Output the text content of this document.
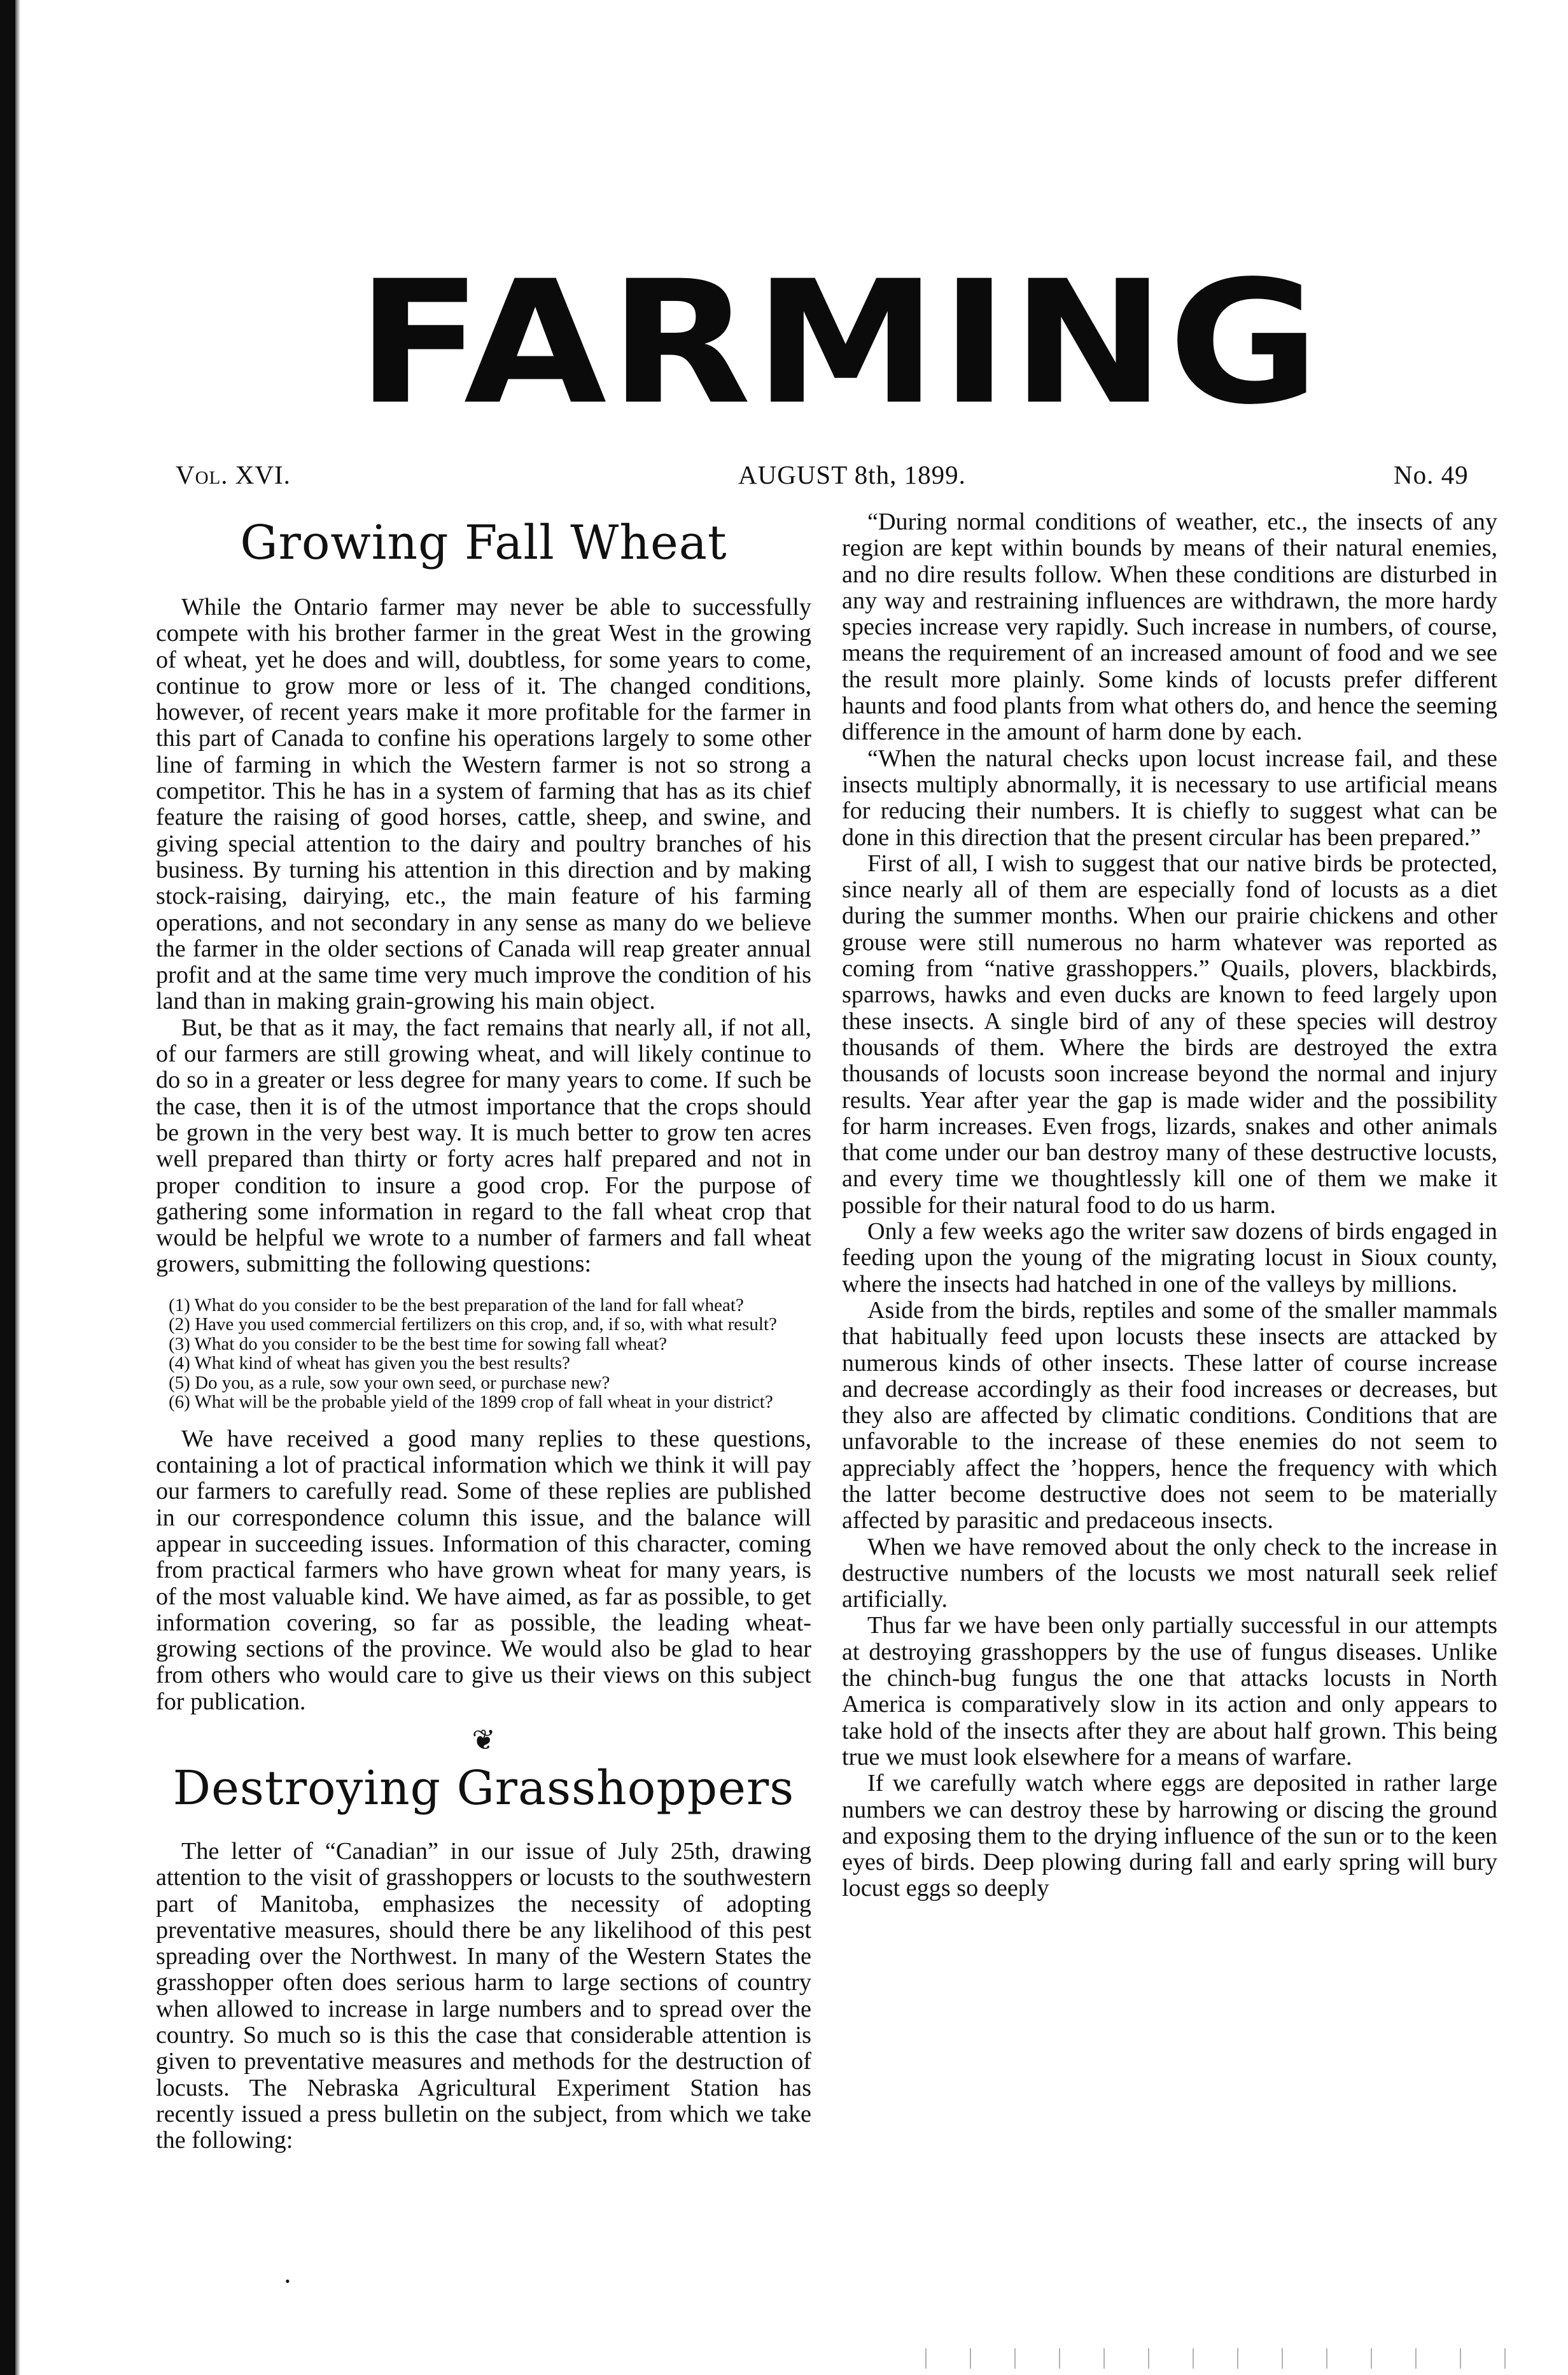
FARMING
Vol. XVI.	AUGUST 8th, 1899.	No. 49
Growing Fall Wheat

While the Ontario farmer may never be able to successfully compete with his brother farmer in the great West in the growing of wheat, yet he does and will, doubtless, for some years to come, continue to grow more or less of it. The changed conditions, however, of recent years make it more profitable for the farmer in this part of Canada to confine his operations largely to some other line of farming in which the Western farmer is not so strong a competitor. This he has in a system of farming that has as its chief feature the raising of good horses, cattle, sheep, and swine, and giving special attention to the dairy and poultry branches of his business. By turning his attention in this direction and by making stock-raising, dairying, etc., the main feature of his farming operations, and not secondary in any sense as many do we believe the farmer in the older sections of Canada will reap greater annual profit and at the same time very much improve the condition of his land than in making grain-growing his main object.

But, be that as it may, the fact remains that nearly all, if not all, of our farmers are still growing wheat, and will likely continue to do so in a greater or less degree for many years to come. If such be the case, then it is of the utmost importance that the crops should be grown in the very best way. It is much better to grow ten acres well prepared than thirty or forty acres half prepared and not in proper condition to insure a good crop. For the purpose of gathering some information in regard to the fall wheat crop that would be helpful we wrote to a number of farmers and fall wheat growers, submitting the following questions:

(1) What do you consider to be the best preparation of the land for fall wheat?
(2) Have you used commercial fertilizers on this crop, and, if so, with what result?
(3) What do you consider to be the best time for sowing fall wheat?
(4) What kind of wheat has given you the best results?
(5) Do you, as a rule, sow your own seed, or purchase new?
(6) What will be the probable yield of the 1899 crop of fall wheat in your district?

We have received a good many replies to these questions, containing a lot of practical information which we think it will pay our farmers to carefully read. Some of these replies are published in our correspondence column this issue, and the balance will appear in succeeding issues. Information of this character, coming from practical farmers who have grown wheat for many years, is of the most valuable kind. We have aimed, as far as possible, to get information covering, so far as possible, the leading wheat-growing sections of the province. We would also be glad to hear from others who would care to give us their views on this subject for publication.

❦
Destroying Grasshoppers

The letter of “Canadian” in our issue of July 25th, drawing attention to the visit of grasshoppers or locusts to the southwestern part of Manitoba, emphasizes the necessity of adopting preventative measures, should there be any likelihood of this pest spreading over the Northwest. In many of the Western States the grasshopper often does serious harm to large sections of country when allowed to increase in large numbers and to spread over the country. So much so is this the case that considerable attention is given to preventative measures and methods for the destruction of locusts. The Nebraska Agricultural Experiment Station has recently issued a press bulletin on the subject, from which we take the following:

“During normal conditions of weather, etc., the insects of any region are kept within bounds by means of their natural enemies, and no dire results follow. When these conditions are disturbed in any way and restraining influences are withdrawn, the more hardy species increase very rapidly. Such increase in numbers, of course, means the requirement of an increased amount of food and we see the result more plainly. Some kinds of locusts prefer different haunts and food plants from what others do, and hence the seeming difference in the amount of harm done by each.

“When the natural checks upon locust increase fail, and these insects multiply abnormally, it is necessary to use artificial means for reducing their numbers. It is chiefly to suggest what can be done in this direction that the present circular has been prepared.”

First of all, I wish to suggest that our native birds be protected, since nearly all of them are especially fond of locusts as a diet during the summer months. When our prairie chickens and other grouse were still numerous no harm whatever was reported as coming from “native grasshoppers.” Quails, plovers, blackbirds, sparrows, hawks and even ducks are known to feed largely upon these insects. A single bird of any of these species will destroy thousands of them. Where the birds are destroyed the extra thousands of locusts soon increase beyond the normal and injury results. Year after year the gap is made wider and the possibility for harm increases. Even frogs, lizards, snakes and other animals that come under our ban destroy many of these destructive locusts, and every time we thoughtlessly kill one of them we make it possible for their natural food to do us harm.

Only a few weeks ago the writer saw dozens of birds engaged in feeding upon the young of the migrating locust in Sioux county, where the insects had hatched in one of the valleys by millions.

Aside from the birds, reptiles and some of the smaller mammals that habitually feed upon locusts these insects are attacked by numerous kinds of other insects. These latter of course increase and decrease accordingly as their food increases or decreases, but they also are affected by climatic conditions. Conditions that are unfavorable to the increase of these enemies do not seem to appreciably affect the ’hoppers, hence the frequency with which the latter become destructive does not seem to be materially affected by parasitic and predaceous insects.

When we have removed about the only check to the increase in destructive numbers of the locusts we most naturall seek relief artificially.

Thus far we have been only partially successful in our attempts at destroying grasshoppers by the use of fungus diseases. Unlike the chinch-bug fungus the one that attacks locusts in North America is comparatively slow in its action and only appears to take hold of the insects after they are about half grown. This being true we must look elsewhere for a means of warfare.

If we carefully watch where eggs are deposited in rather large numbers we can destroy these by harrowing or discing the ground and exposing them to the drying influence of the sun or to the keen eyes of birds. Deep plowing during fall and early spring will bury locust eggs so deeply

•
